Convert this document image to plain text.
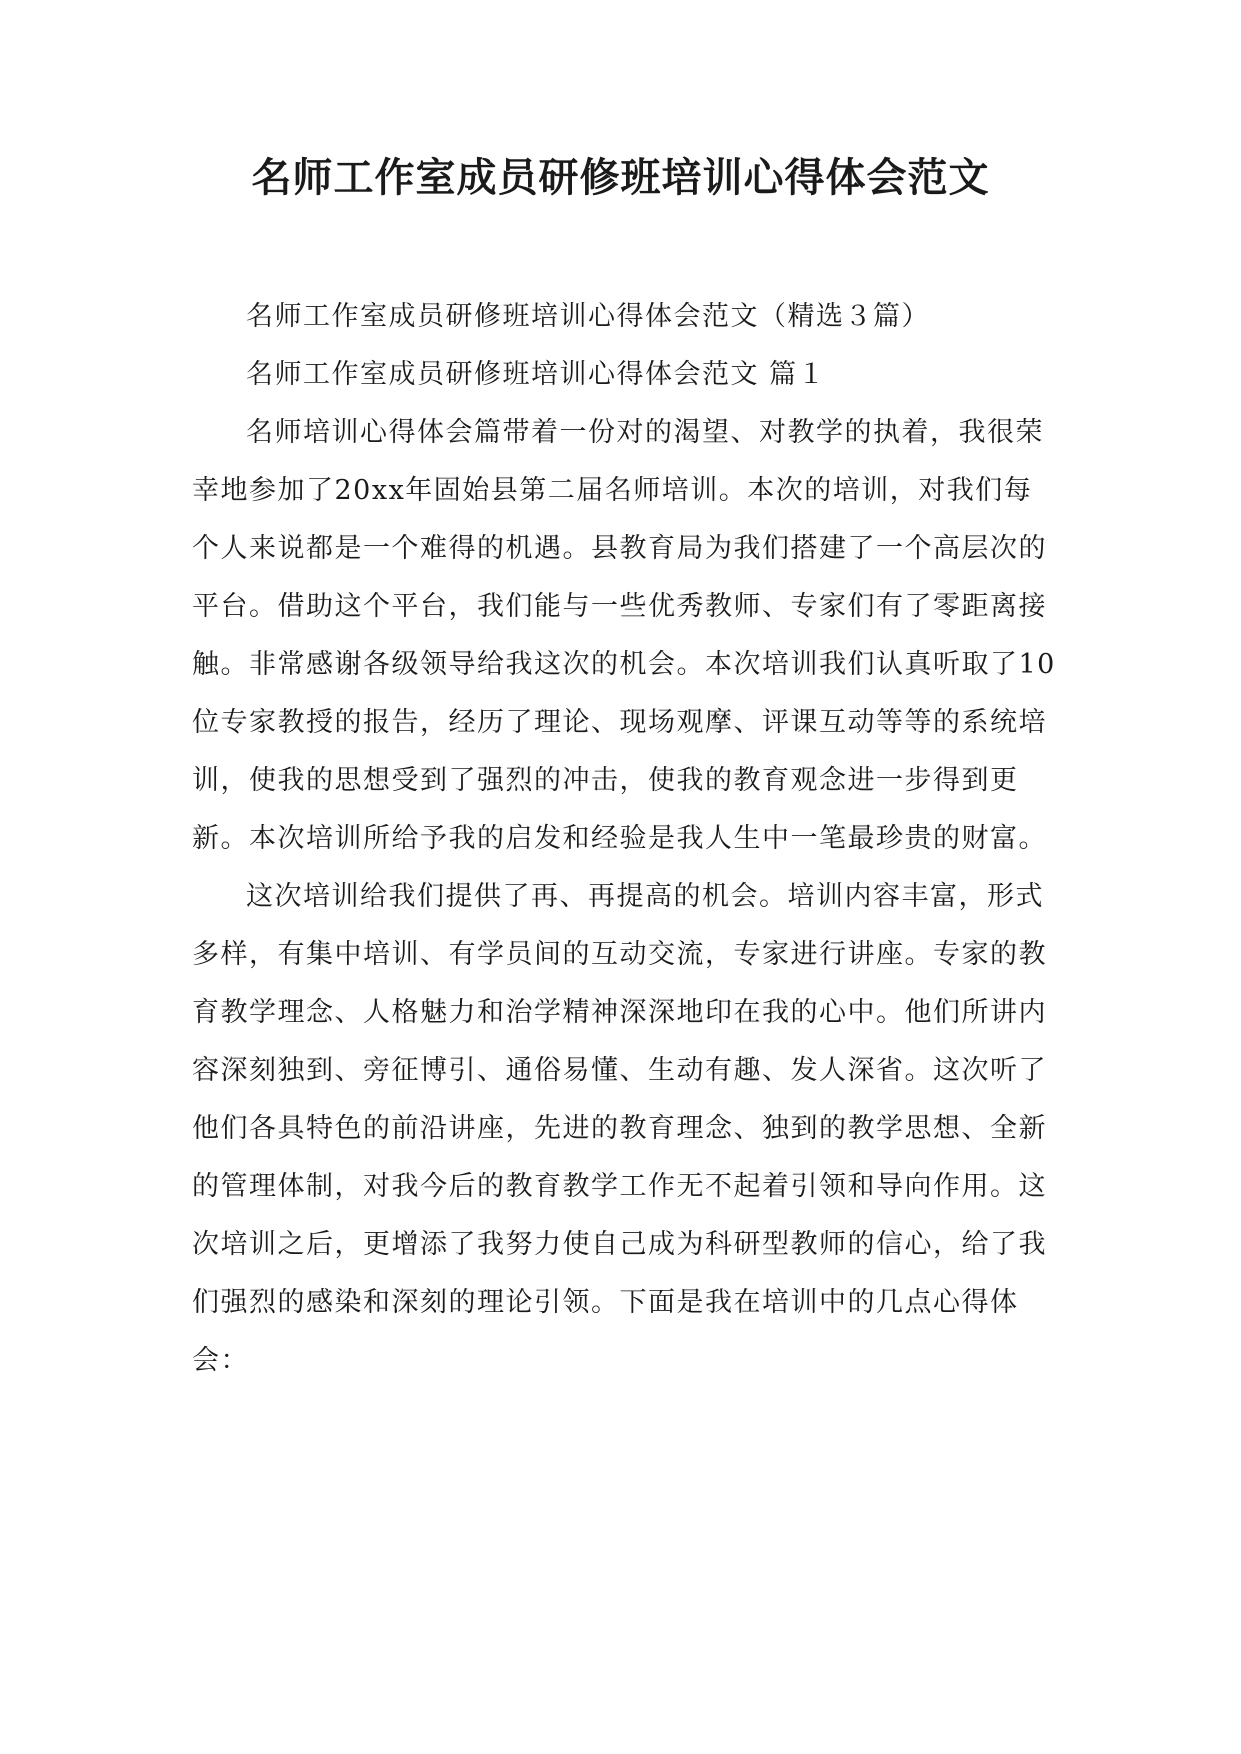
名师工作室成员研修班培训心得体会范文

名师工作室成员研修班培训心得体会范文（精选３篇）

名师工作室成员研修班培训心得体会范文 篇１

名师培训心得体会篇带着一份对的渴望、对教学的执着，我很荣幸地参加了20xx年固始县第二届名师培训。本次的培训，对我们每个人来说都是一个难得的机遇。县教育局为我们搭建了一个高层次的平台。借助这个平台，我们能与一些优秀教师、专家们有了零距离接触。非常感谢各级领导给我这次的机会。本次培训我们认真听取了10位专家教授的报告，经历了理论、现场观摩、评课互动等等的系统培训，使我的思想受到了强烈的冲击，使我的教育观念进一步得到更新。本次培训所给予我的启发和经验是我人生中一笔最珍贵的财富。

这次培训给我们提供了再、再提高的机会。培训内容丰富，形式多样，有集中培训、有学员间的互动交流，专家进行讲座。专家的教育教学理念、人格魅力和治学精神深深地印在我的心中。他们所讲内容深刻独到、旁征博引、通俗易懂、生动有趣、发人深省。这次听了他们各具特色的前沿讲座，先进的教育理念、独到的教学思想、全新的管理体制，对我今后的教育教学工作无不起着引领和导向作用。这次培训之后，更增添了我努力使自己成为科研型教师的信心，给了我们强烈的感染和深刻的理论引领。下面是我在培训中的几点心得体会：
